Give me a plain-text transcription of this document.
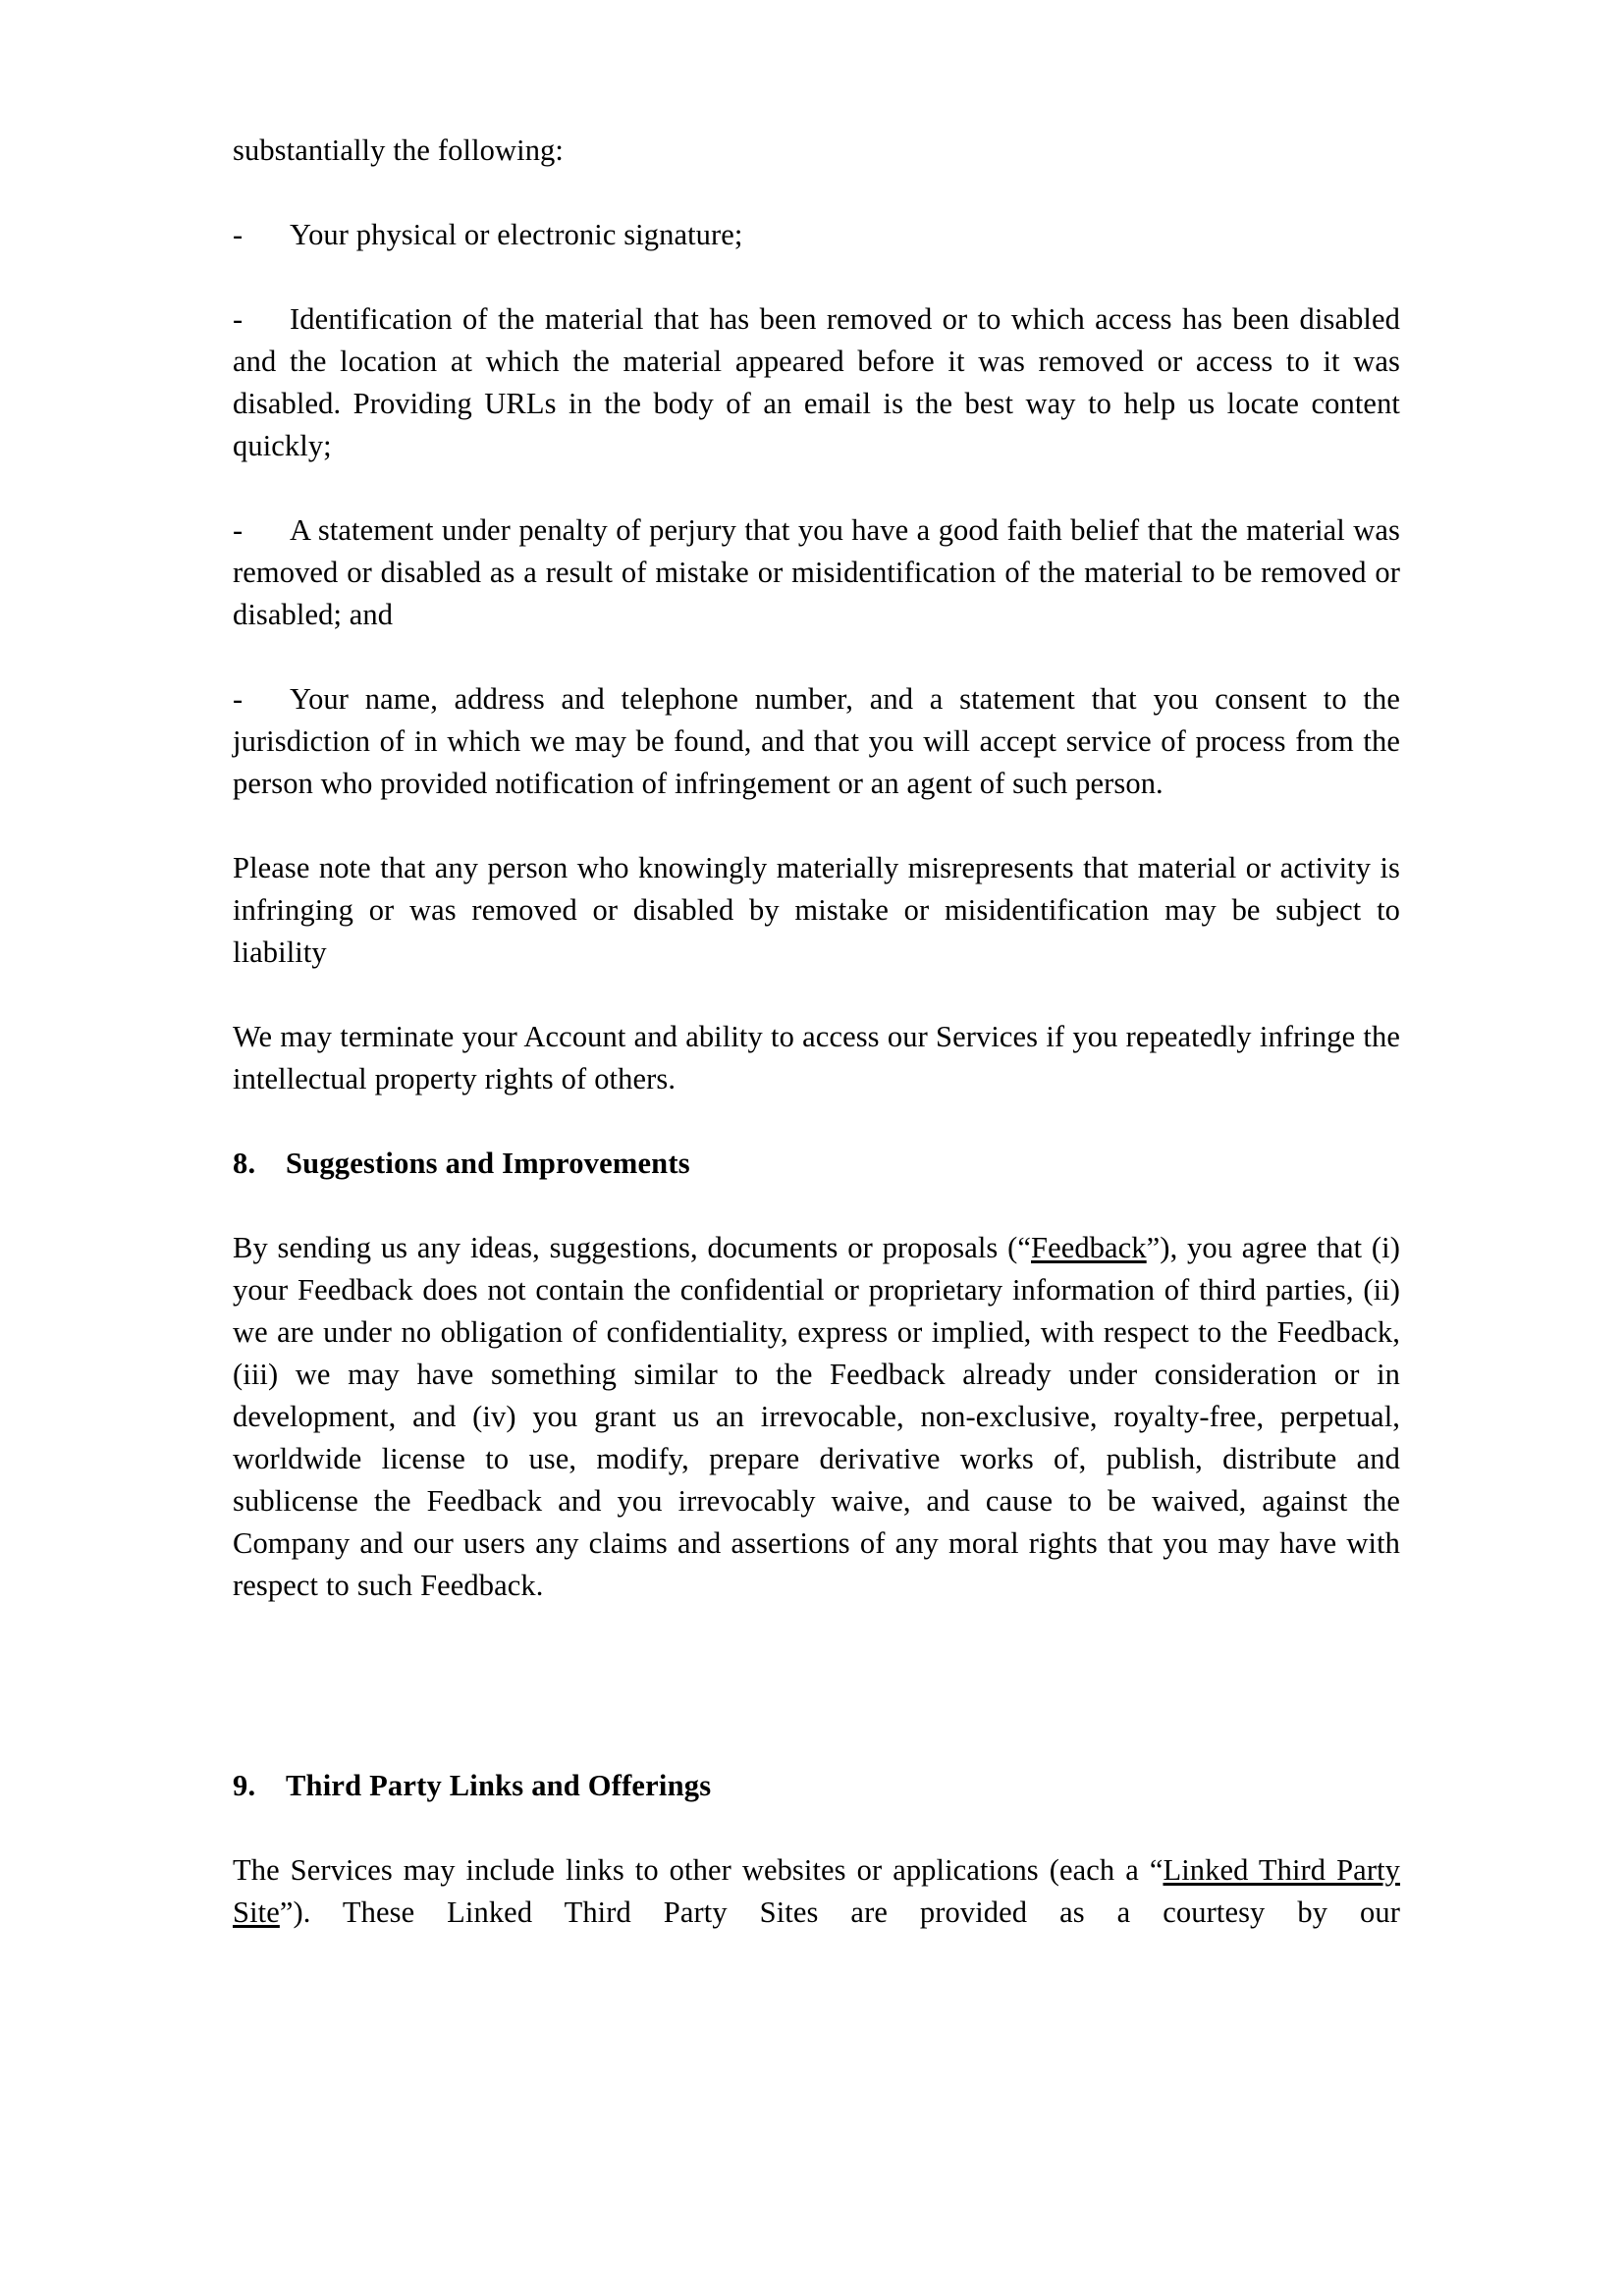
substantially the following:

- Your physical or electronic signature;

- Identification of the material that has been removed or to which access has been disabled and the location at which the material appeared before it was removed or access to it was disabled. Providing URLs in the body of an email is the best way to help us locate content quickly;

- A statement under penalty of perjury that you have a good faith belief that the material was removed or disabled as a result of mistake or misidentification of the material to be removed or disabled; and

- Your name, address and telephone number, and a statement that you consent to the jurisdiction of in which we may be found, and that you will accept service of process from the person who provided notification of infringement or an agent of such person.

Please note that any person who knowingly materially misrepresents that material or activity is infringing or was removed or disabled by mistake or misidentification may be subject to liability

We may terminate your Account and ability to access our Services if you repeatedly infringe the intellectual property rights of others.

8. Suggestions and Improvements

By sending us any ideas, suggestions, documents or proposals (“Feedback”), you agree that (i) your Feedback does not contain the confidential or proprietary information of third parties, (ii) we are under no obligation of confidentiality, express or implied, with respect to the Feedback, (iii) we may have something similar to the Feedback already under consideration or in development, and (iv) you grant us an irrevocable, non-exclusive, royalty-free, perpetual, worldwide license to use, modify, prepare derivative works of, publish, distribute and sublicense the Feedback and you irrevocably waive, and cause to be waived, against the Company and our users any claims and assertions of any moral rights that you may have with respect to such Feedback.

9. Third Party Links and Offerings

The Services may include links to other websites or applications (each a “Linked Third Party Site”). These Linked Third Party Sites are provided as a courtesy by our
